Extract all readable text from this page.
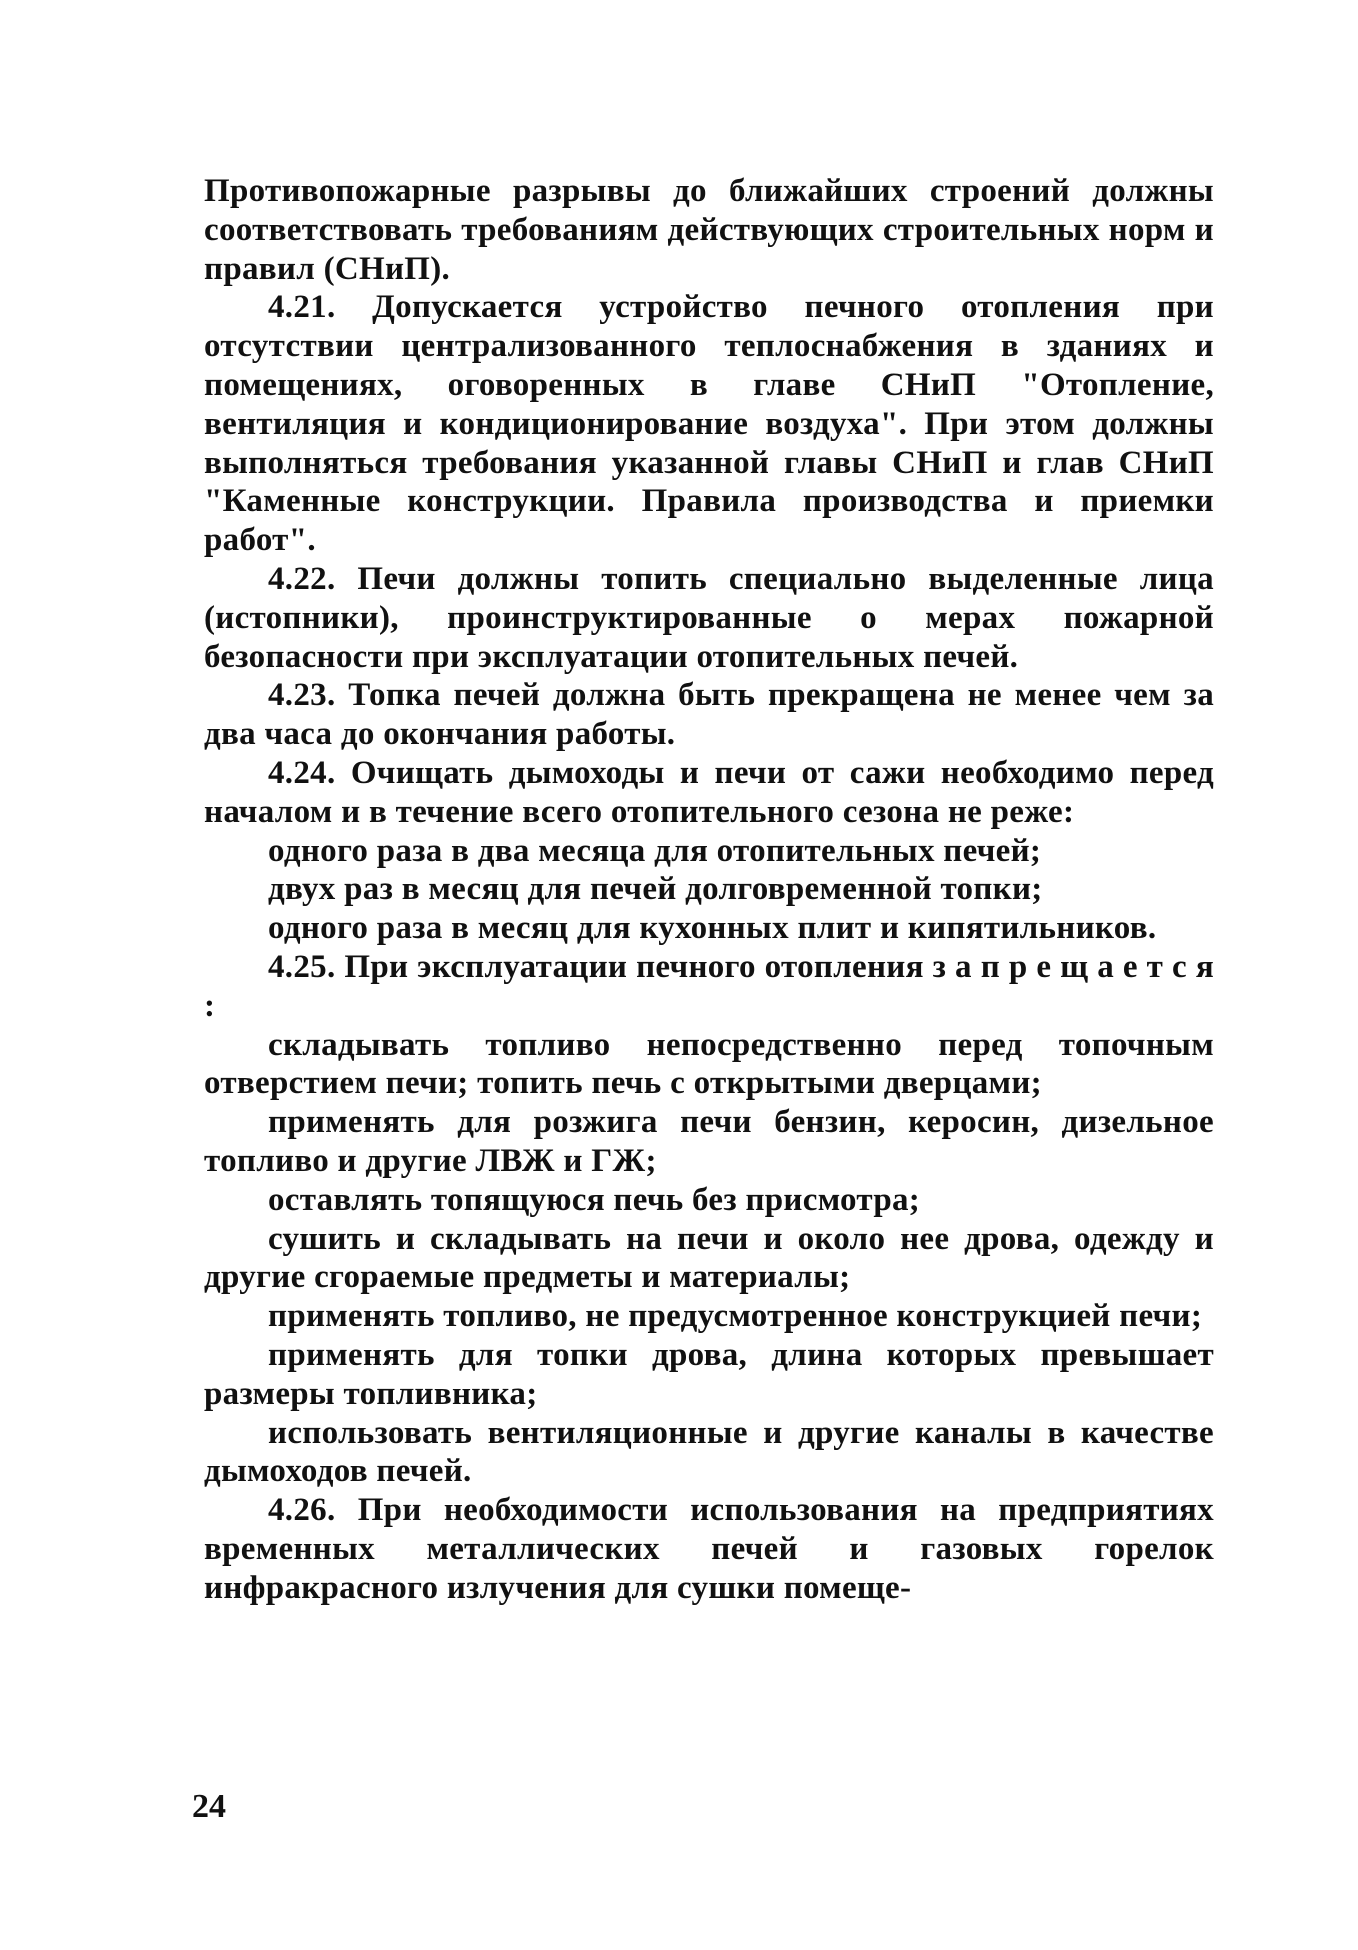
Противопожарные разрывы до ближайших строений должны соответствовать требованиям действующих строительных норм и правил (СНиП).

4.21. Допускается устройство печного отопления при отсутствии централизованного теплоснабжения в зданиях и помещениях, оговоренных в главе СНиП "Отопление, вентиляция и кондиционирование воздуха". При этом должны выполняться требования указанной главы СНиП и глав СНиП "Каменные конструкции. Правила производства и приемки работ".

4.22. Печи должны топить специально выделенные лица (истопники), проинструктированные о мерах пожарной безопасности при эксплуатации отопительных печей.

4.23. Топка печей должна быть прекращена не менее чем за два часа до окончания работы.

4.24. Очищать дымоходы и печи от сажи необходимо перед началом и в течение всего отопительного сезона не реже:

одного раза в два месяца для отопительных печей;

двух раз в месяц для печей долговременной топки;

одного раза в месяц для кухонных плит и кипятильников.

4.25. При эксплуатации печного отопления з а п р е щ а е т с я :

складывать топливо непосредственно перед топочным отверстием печи; топить печь с открытыми дверцами;

применять для розжига печи бензин, керосин, дизельное топливо и другие ЛВЖ и ГЖ;

оставлять топящуюся печь без присмотра;

сушить и складывать на печи и около нее дрова, одежду и другие сгораемые предметы и материалы;

применять топливо, не предусмотренное конструкцией печи;

применять для топки дрова, длина которых превышает размеры топливника;

использовать вентиляционные и другие каналы в качестве дымоходов печей.

4.26. При необходимости использования на предприятиях временных металлических печей и газовых горелок инфракрасного излучения для сушки помеще-

24
